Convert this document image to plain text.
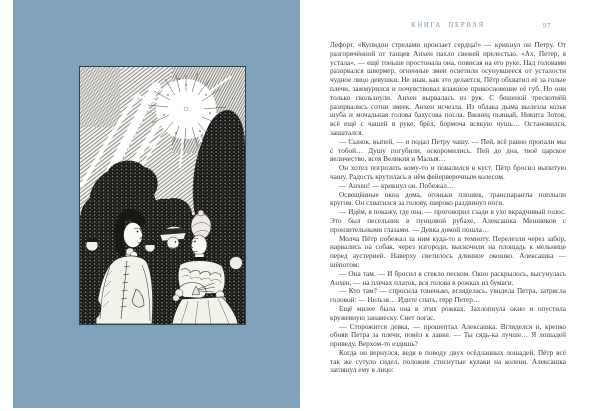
КНИГА ПЕРВАЯ	97

Лефорт. «Купидон стрелами пронзает сердца!» — крикнул он Петру. От разгорячённой от танцев Анхен пахло свежей прелестью. «Ах, Петер, я устала», — ещё тоньше простонала она, повисая на его руке. Над головами разорвался швермер, огненные змеи осветили осунувшееся от усталости чудное лицо девушки. Не зная, как это делается, Пётр обхватил её за голые плечи, зажмурился и почувствовал влажное прикосновение её губ. Но они только скользнули. Анхен вырвалась из рук. С бешеной трескотнёй разорвались сотни змеек. Анхен исчезла. Из облака дыма вылезла козья шуба и мочальная голова бахусова посла. Вконец пьяный, Никита Зотов, всё ещё с чашей в руке, брёл, бормоча всякую чушь… Остановился, зашатался.

— Сынок, выпей, — и подал Петру чашу. — Пей, всё равно пропали мы с тобой… Душу погубили, оскоромились. Пей до дна, твоё царское величество, всея Великия и Малыя…

Он хотел погрозить кому-то и повалился в куст. Пётр бросил выпитую чашу. Радость крутилась в нём фейерверочным колесом.

— Анхен! — крикнул он. Побежал…

Освещённые окна дома, огоньки плошек, транспаранты поплыли кругом. Он схватился за голову, широко раздвинул ноги.

— Идём, я покажу, где она, — проговорил сзади в ухо вкрадчивый голос. Это был песельник в пунцовой рубахе, Алексашка Меншиков с пронзительными глазами. — Девка домой пошла…

Молча Пётр побежал за ним куда-то в темноту. Перелезли через забор, нарвались на собак, через изгороди, выскочили на площадь к мельнице перед аустерией. Наверху светилось длинное окошко. Алексашка — шёпотом:

— Она там. — И бросил в стекло песком. Окно раскрылось, высунулась Анхен, — на плечах платок, вся голова в рожках из бумаги.

— Кто там? — спросила тоненько, вгляделась, увидела Петра, затрясла головой: — Нельзя… Идите спать, герр Петер…

Ещё милее была она в этих рожках. Захлопнула окно и опустила кружевную занавеску. Свет погас.

— Сторожится девка, — прошептал Алексашка. Вгляделся и, крепко обняв Петра за плечи, повёл к лавке. — Ты сядь-ка лучше… Я лошадей приведу. Верхом-то ездишь?

Когда он вернулся, ведя в поводу двух осёдланных лошадей, Пётр всё так же сутуло сидел, положив стиснутые кулаки на колени. Алексашка заглянул ему в лицо:
